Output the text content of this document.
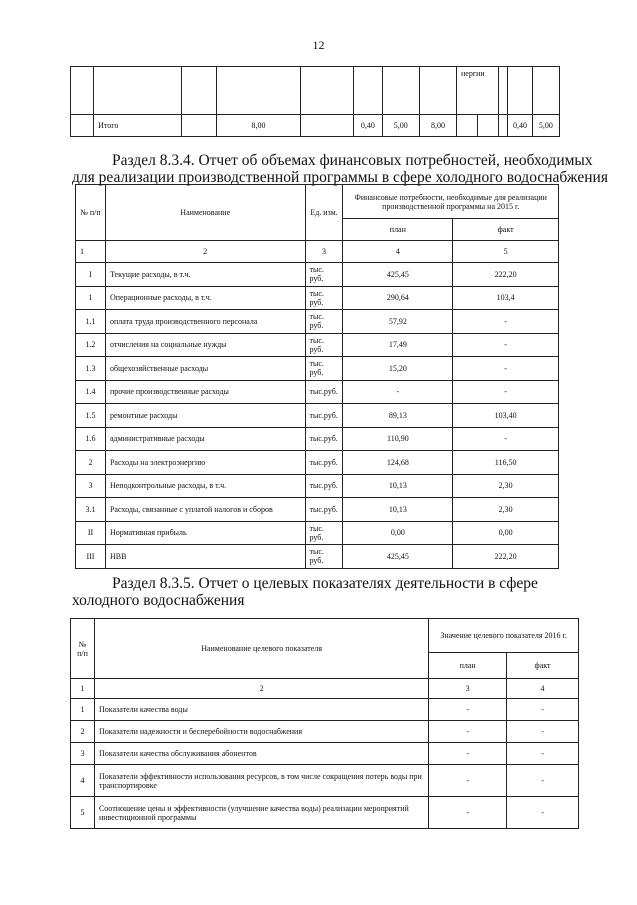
12
								нергии				
	Итого		8,00		0,40	5,00	8,00				0,40	5,00
Раздел 8.3.4. Отчет об объемах финансовых потребностей, необходимых
для реализации производственной программы в сфере холодного водоснабжения
№ п/п	Наименование	Ед. изм.	Финансовые потребности, необходимые для реализации производственной программы на 2015 г.	
			план	факт
1	2	3	4	5
I	Текущие расходы, в т.ч.	тыс. руб.	425,45	222,20
1	Операционные расходы, в т.ч.	тыс. руб.	290,64	103,4
1.1	оплата труда производственного персонала	тыс. руб.	57,92	-
1.2	отчисления на социальные нужды	тыс. руб.	17,49	-
1.3	общехозяйственные расходы	тыс. руб.	15,20	-
1.4	прочие производственные расходы	тыс.руб.	-	-
1.5	ремонтные расходы	тыс.руб.	89,13	103,40
1.6	административные расходы	тыс.руб.	110,90	-
2	Расходы на электроэнергию	тыс.руб.	124,68	116,50
3	Неподконтрольные расходы, в т.ч.	тыс.руб.	10,13	2,30
3.1	Расходы, связанные с уплатой налогов и сборов	тыс.руб.	10,13	2,30
II	Нормативная прибыль	тыс. руб.	0,00	0,00
III	НВВ	тыс. руб.	425,45	222,20
Раздел 8.3.5. Отчет о целевых показателях деятельности в сфере
холодного водоснабжения
№ п/п	Наименование целевого показателя	Значение целевого показателя 2016 г.	
		план	факт
1	2	3	4
1	Показатели качества воды	-	-
2	Показатели надежности и бесперебойности водоснабжения	-	-
3	Показатели качества обслуживания абонентов	-	-
4	Показатели эффективности использования ресурсов, в том числе сокращения потерь воды при транспортировке	-	-
5	Соотношение цены и эффективности (улучшение качества воды) реализации мероприятий инвестиционной программы	-	-
